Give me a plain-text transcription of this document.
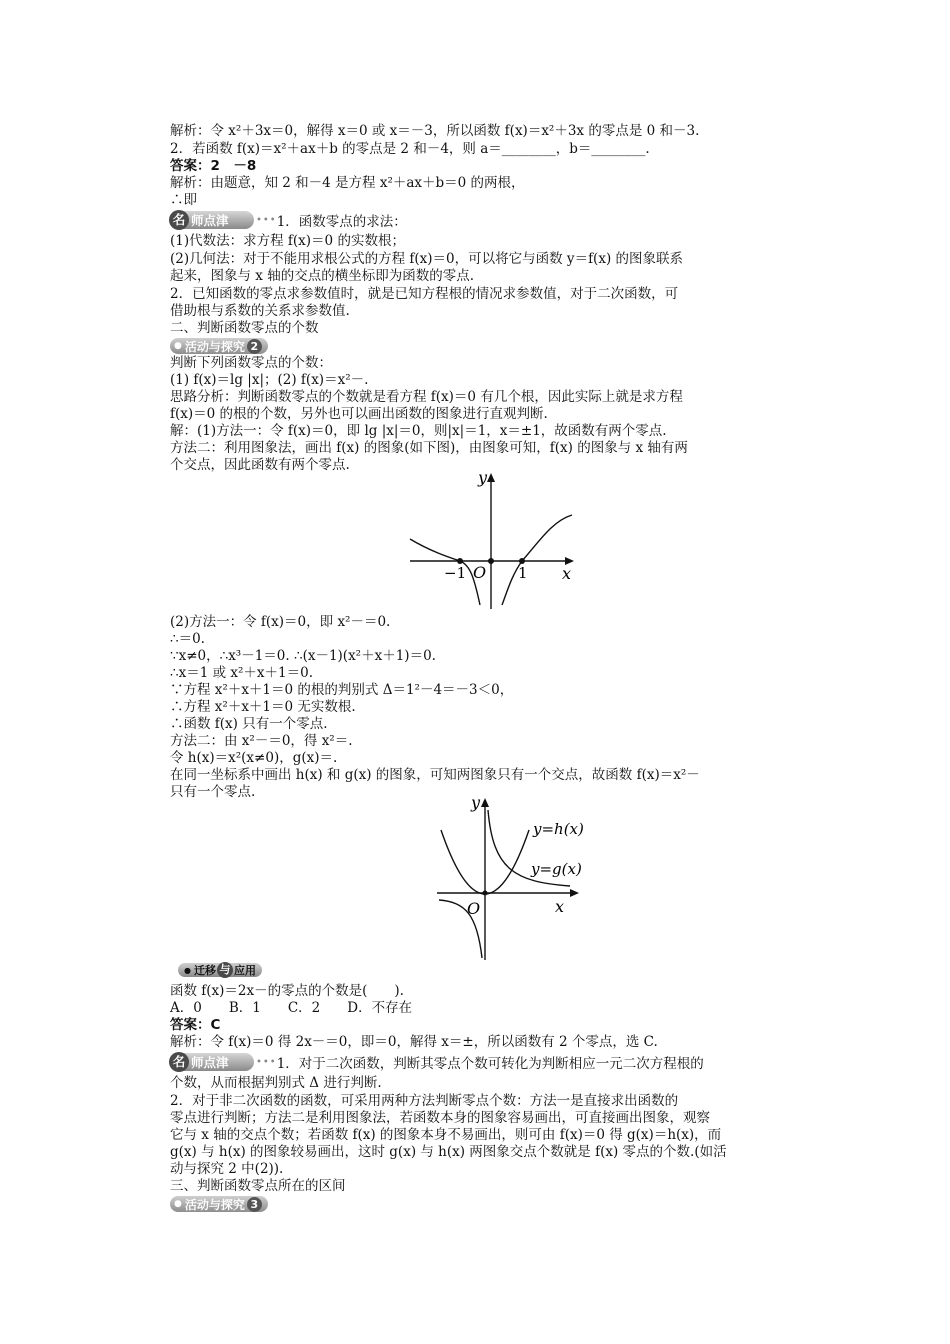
解析：令 x²＋3x＝0，解得 x＝0 或 x＝－3，所以函数 f(x)＝x²＋3x 的零点是 0 和－3.
2．若函数 f(x)＝x²＋ax＋b 的零点是 2 和－4，则 a＝________，b＝________.
答案：2　－8
解析：由题意，知 2 和－4 是方程 x²＋ax＋b＝0 的两根，
∴即
名 师点津	••• 1．函数零点的求法：
(1)代数法：求方程 f(x)＝0 的实数根；
(2)几何法：对于不能用求根公式的方程 f(x)＝0，可以将它与函数 y＝f(x) 的图象联系
起来，图象与 x 轴的交点的横坐标即为函数的零点.
2．已知函数的零点求参数值时，就是已知方程根的情况求参数值，对于二次函数，可
借助根与系数的关系求参数值.
二、判断函数零点的个数
● 活动与探究 2
判断下列函数零点的个数：
(1) f(x)＝lg |x|；(2) f(x)＝x²－.
思路分析：判断函数零点的个数就是看方程 f(x)＝0 有几个根，因此实际上就是求方程
f(x)＝0 的根的个数，另外也可以画出函数的图象进行直观判断.
解：(1)方法一：令 f(x)＝0，即 lg |x|＝0，则|x|＝1，x＝±1，故函数有两个零点.
方法二：利用图象法，画出 f(x) 的图象(如下图)，由图象可知，f(x) 的图象与 x 轴有两
个交点，因此函数有两个零点.
y
x
O
−1	1
(2)方法一：令 f(x)＝0，即 x²－＝0.
∴＝0.
∵x≠0，∴x³－1＝0. ∴(x－1)(x²＋x＋1)＝0.
∴x＝1 或 x²＋x＋1＝0.
∵方程 x²＋x＋1＝0 的根的判别式 Δ＝1²－4＝－3＜0，
∴方程 x²＋x＋1＝0 无实数根.
∴函数 f(x) 只有一个零点.
方法二：由 x²－＝0，得 x²＝.
令 h(x)＝x²(x≠0)，g(x)＝.
在同一坐标系中画出 h(x) 和 g(x) 的图象，可知两图象只有一个交点，故函数 f(x)＝x²－
只有一个零点.
y
x
O
y=h(x)
y=g(x)
● 迁移 与 应用
函数 f(x)＝2x－的零点的个数是(　　).
A．0　　B．1　　C．2　　D．不存在
答案：C
解析：令 f(x)＝0 得 2x－＝0，即＝0，解得 x＝±，所以函数有 2 个零点，选 C.
名 师点津	••• 1．对于二次函数，判断其零点个数可转化为判断相应一元二次方程根的
个数，从而根据判别式 Δ 进行判断.
2．对于非二次函数的函数，可采用两种方法判断零点个数：方法一是直接求出函数的
零点进行判断；方法二是利用图象法，若函数本身的图象容易画出，可直接画出图象，观察
它与 x 轴的交点个数；若函数 f(x) 的图象本身不易画出，则可由 f(x)＝0 得 g(x)＝h(x)，而
g(x) 与 h(x) 的图象较易画出，这时 g(x) 与 h(x) 两图象交点个数就是 f(x) 零点的个数.(如活
动与探究 2 中(2)).
三、判断函数零点所在的区间
● 活动与探究 3
